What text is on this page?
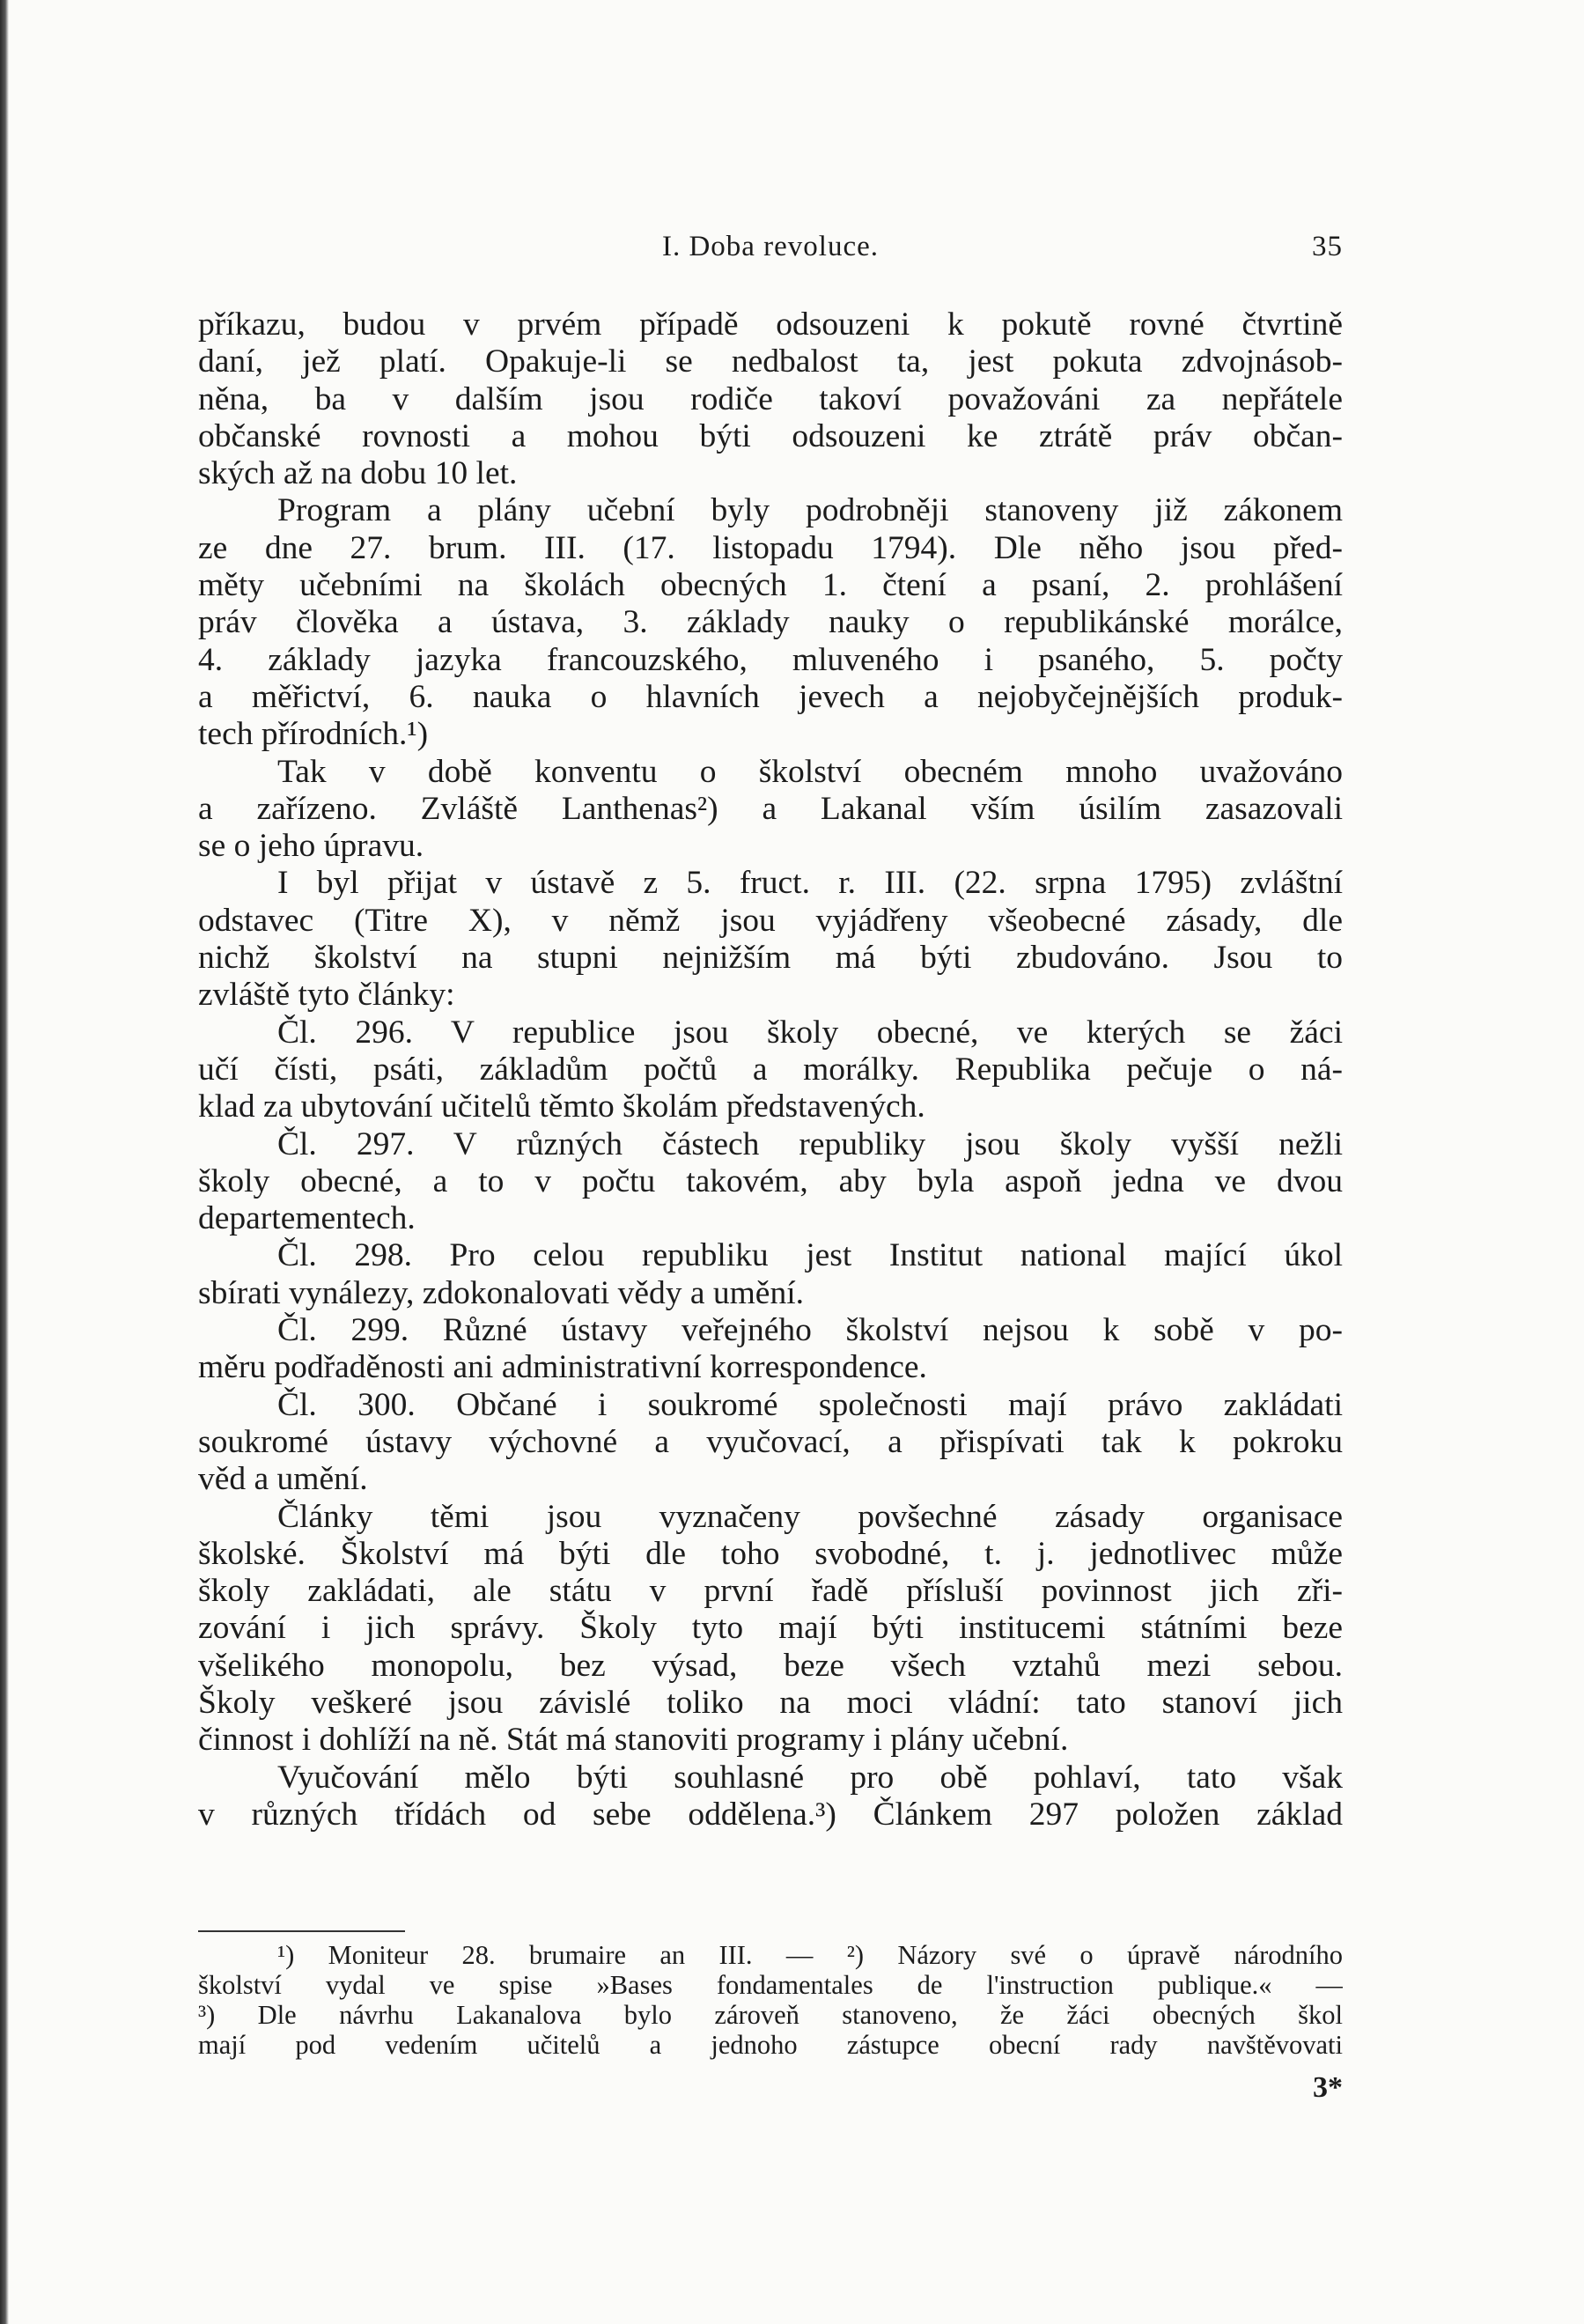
I. Doba revoluce.	35
příkazu, budou v prvém případě odsouzeni k pokutě rovné čtvrtině
daní, jež platí. Opakuje-li se nedbalost ta, jest pokuta zdvojnásob-
něna, ba v dalším jsou rodiče takoví považováni za nepřátele
občanské rovnosti a mohou býti odsouzeni ke ztrátě práv občan-
ských až na dobu 10 let.
Program a plány učební byly podrobněji stanoveny již zákonem
ze dne 27. brum. III. (17. listopadu 1794). Dle něho jsou před-
měty učebními na školách obecných 1. čtení a psaní, 2. prohlášení
práv člověka a ústava, 3. základy nauky o republikánské morálce,
4. základy jazyka francouzského, mluveného i psaného, 5. počty
a měřictví, 6. nauka o hlavních jevech a nejobyčejnějších produk-
tech přírodních.¹)
Tak v době konventu o školství obecném mnoho uvažováno
a zařízeno. Zvláště Lanthenas²) a Lakanal vším úsilím zasazovali
se o jeho úpravu.
I byl přijat v ústavě z 5. fruct. r. III. (22. srpna 1795) zvláštní
odstavec (Titre X), v němž jsou vyjádřeny všeobecné zásady, dle
nichž školství na stupni nejnižším má býti zbudováno. Jsou to
zvláště tyto články:
Čl. 296. V republice jsou školy obecné, ve kterých se žáci
učí čísti, psáti, základům počtů a morálky. Republika pečuje o ná-
klad za ubytování učitelů těmto školám představených.
Čl. 297. V různých částech republiky jsou školy vyšší nežli
školy obecné, a to v počtu takovém, aby byla aspoň jedna ve dvou
departementech.
Čl. 298. Pro celou republiku jest Institut national mající úkol
sbírati vynálezy, zdokonalovati vědy a umění.
Čl. 299. Různé ústavy veřejného školství nejsou k sobě v po-
měru podřaděnosti ani administrativní korrespondence.
Čl. 300. Občané i soukromé společnosti mají právo zakládati
soukromé ústavy výchovné a vyučovací, a přispívati tak k pokroku
věd a umění.
Články těmi jsou vyznačeny povšechné zásady organisace
školské. Školství má býti dle toho svobodné, t. j. jednotlivec může
školy zakládati, ale státu v první řadě přísluší povinnost jich zři-
zování i jich správy. Školy tyto mají býti institucemi státními beze
všelikého monopolu, bez výsad, beze všech vztahů mezi sebou.
Školy veškeré jsou závislé toliko na moci vládní: tato stanoví jich
činnost i dohlíží na ně. Stát má stanoviti programy i plány učební.
Vyučování mělo býti souhlasné pro obě pohlaví, tato však
v různých třídách od sebe oddělena.³) Článkem 297 položen základ
¹) Moniteur 28. brumaire an III. — ²) Názory své o úpravě národního
školství vydal ve spise »Bases fondamentales de l'instruction publique.« —
³) Dle návrhu Lakanalova bylo zároveň stanoveno, že žáci obecných škol
mají pod vedením učitelů a jednoho zástupce obecní rady navštěvovati
3*
